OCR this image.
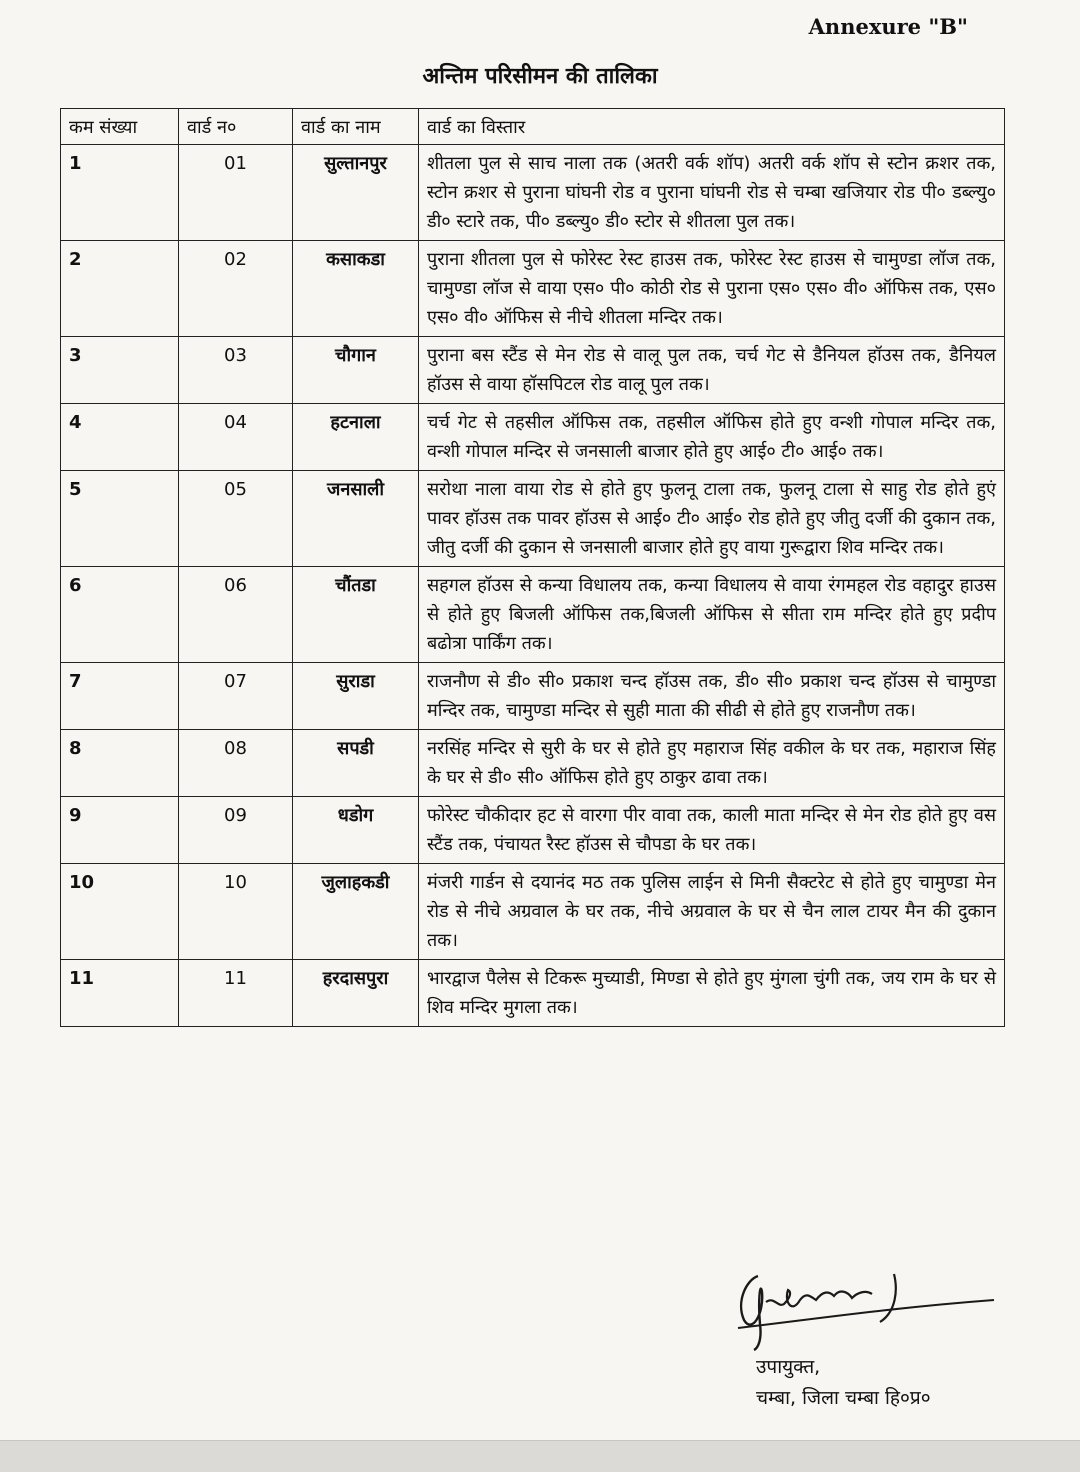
Annexure "B"
अन्तिम परिसीमन की तालिका
कम संख्या	वार्ड न०	वार्ड का नाम	वार्ड का विस्तार
1	01	सुल्तानपुर	शीतला पुल से साच नाला तक (अतरी वर्क शॉप) अतरी वर्क शॉप से स्टोन क्रशर तक, स्टोन क्रशर से पुराना घांघनी रोड व पुराना घांघनी रोड से चम्बा खजियार रोड पी० डब्ल्यु० डी० स्टारे तक, पी० डब्ल्यु० डी० स्टोर से शीतला पुल तक।
2	02	कसाकडा	पुराना शीतला पुल से फोरेस्ट रेस्ट हाउस तक, फोरेस्ट रेस्ट हाउस से चामुण्डा लॉज तक, चामुण्डा लॉज से वाया एस० पी० कोठी रोड से पुराना एस० एस० वी० ऑफिस तक, एस० एस० वी० ऑफिस से नीचे शीतला मन्दिर तक।
3	03	चौगान	पुराना बस स्टैंड से मेन रोड से वालू पुल तक, चर्च गेट से डैनियल हॉउस तक, डैनियल हॉउस से वाया हॉसपिटल रोड वालू पुल तक।
4	04	हटनाला	चर्च गेट से तहसील ऑफिस तक, तहसील ऑफिस होते हुए वन्शी गोपाल मन्दिर तक, वन्शी गोपाल मन्दिर से जनसाली बाजार होते हुए आई० टी० आई० तक।
5	05	जनसाली	सरोथा नाला वाया रोड से होते हुए फुलनू टाला तक, फुलनू टाला से साहु रोड होते हुएं पावर हॉउस तक पावर हॉउस से आई० टी० आई० रोड होते हुए जीतु दर्जी की दुकान तक, जीतु दर्जी की दुकान से जनसाली बाजार होते हुए वाया गुरूद्वारा शिव मन्दिर तक।
6	06	चौंतडा	सहगल हॉउस से कन्या विधालय तक, कन्या विधालय से वाया रंगमहल रोड वहादुर हाउस से होते हुए बिजली ऑफिस तक,बिजली ऑफिस से सीता राम मन्दिर होते हुए प्रदीप बढोत्रा पार्किंग तक।
7	07	सुराडा	राजनौण से डी० सी० प्रकाश चन्द हॉउस तक, डी० सी० प्रकाश चन्द हॉउस से चामुण्डा मन्दिर तक, चामुण्डा मन्दिर से सुही माता की सीढी से होते हुए राजनौण तक।
8	08	सपडी	नरसिंह मन्दिर से सुरी के घर से होते हुए महाराज सिंह वकील के घर तक, महाराज सिंह के घर से डी० सी० ऑफिस होते हुए ठाकुर ढावा तक।
9	09	धडोग	फोरेस्ट चौकीदार हट से वारगा पीर वावा तक, काली माता मन्दिर से मेन रोड होते हुए वस स्टैंड तक, पंचायत रैस्ट हॉउस से चौपडा के घर तक।
10	10	जुलाहकडी	मंजरी गार्डन से दयानंद मठ तक पुलिस लाईन से मिनी सैक्टरेट से होते हुए चामुण्डा मेन रोड से नीचे अग्रवाल के घर तक, नीचे अग्रवाल के घर से चैन लाल टायर मैन की दुकान तक।
11	11	हरदासपुरा	भारद्वाज पैलेस से टिकरू मुच्याडी, मिण्डा से होते हुए मुंगला चुंगी तक, जय राम के घर से शिव मन्दिर मुगला तक।
उपायुक्त,
चम्बा, जिला चम्बा हि०प्र०
